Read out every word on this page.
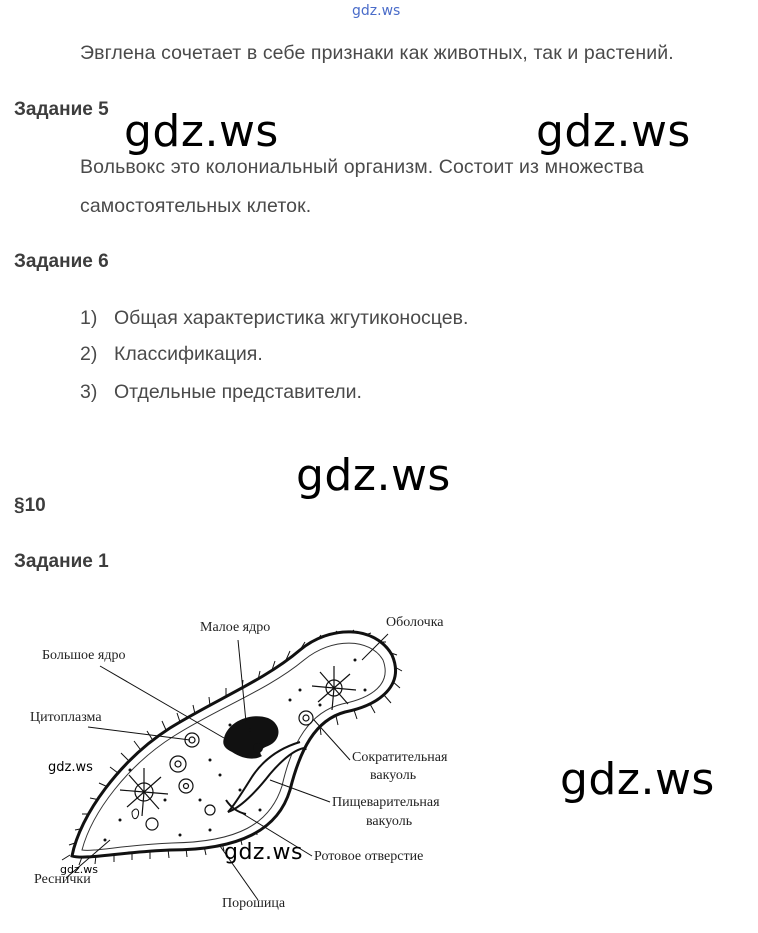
gdz.ws
Эвглена сочетает в себе признаки как животных, так и растений.
Задание 5 gdz.ws	gdz.ws
Вольвокс это колониальный организм. Состоит из множества
самостоятельных клеток.
Задание 6
1) Общая характеристика жгутиконосцев.
2) Классификация.
3) Отдельные представители.
gdz.ws
§10
Задание 1
Малое ядро	Оболочка
Большое ядро
Цитоплазма
Сократительная
вакуоль
Пищеварительная
вакуоль
Ротовое отверстие
Реснички
Порошица
gdz.ws
gdz.ws
gdz.ws
gdz.ws
